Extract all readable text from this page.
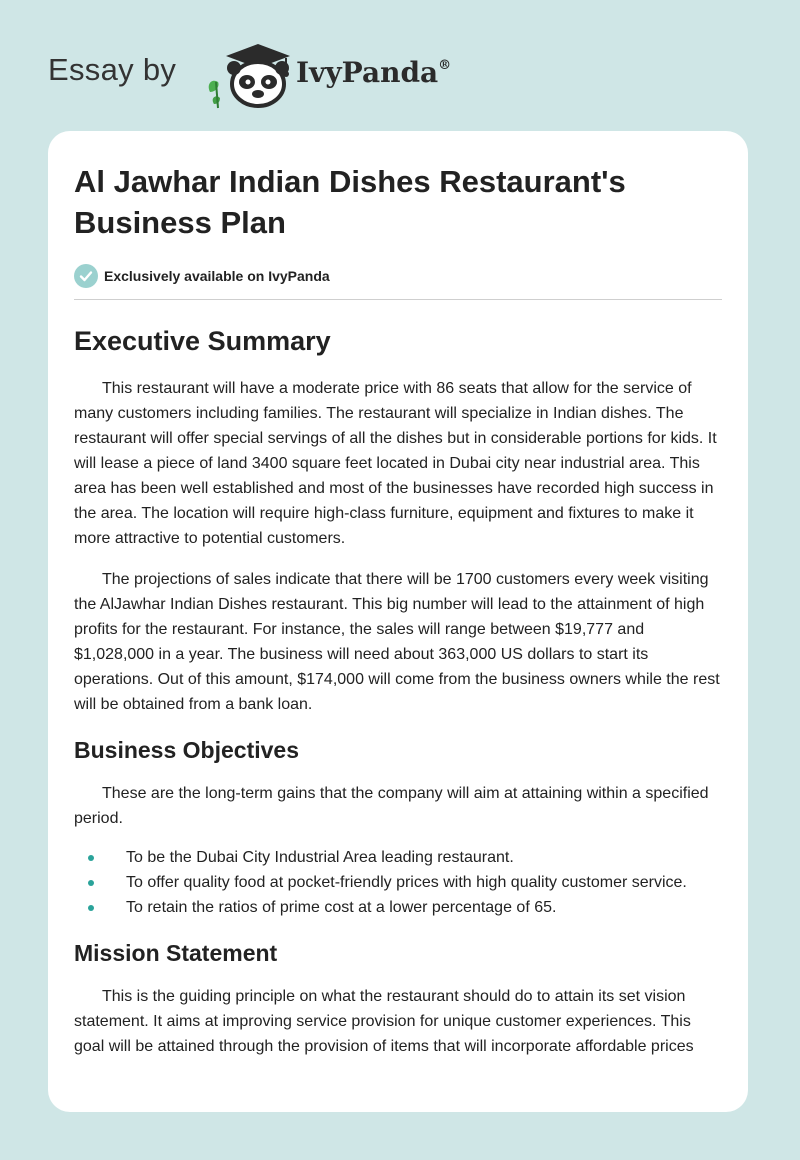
Essay by	IvyPanda®
Al Jawhar Indian Dishes Restaurant's Business Plan
Exclusively available on IvyPanda
Executive Summary

This restaurant will have a moderate price with 86 seats that allow for the service of many customers including families. The restaurant will specialize in Indian dishes. The restaurant will offer special servings of all the dishes but in considerable portions for kids. It will lease a piece of land 3400 square feet located in Dubai city near industrial area. This area has been well established and most of the businesses have recorded high success in the area. The location will require high-class furniture, equipment and fixtures to make it more attractive to potential customers.

The projections of sales indicate that there will be 1700 customers every week visiting the AlJawhar Indian Dishes restaurant. This big number will lead to the attainment of high profits for the restaurant. For instance, the sales will range between $19,777 and $1,028,000 in a year. The business will need about 363,000 US dollars to start its operations. Out of this amount, $174,000 will come from the business owners while the rest will be obtained from a bank loan.

Business Objectives

These are the long-term gains that the company will aim at attaining within a specified period.

To be the Dubai City Industrial Area leading restaurant.
To offer quality food at pocket-friendly prices with high quality customer service.
To retain the ratios of prime cost at a lower percentage of 65.
Mission Statement

This is the guiding principle on what the restaurant should do to attain its set vision statement. It aims at improving service provision for unique customer experiences. This goal will be attained through the provision of items that will incorporate affordable prices
